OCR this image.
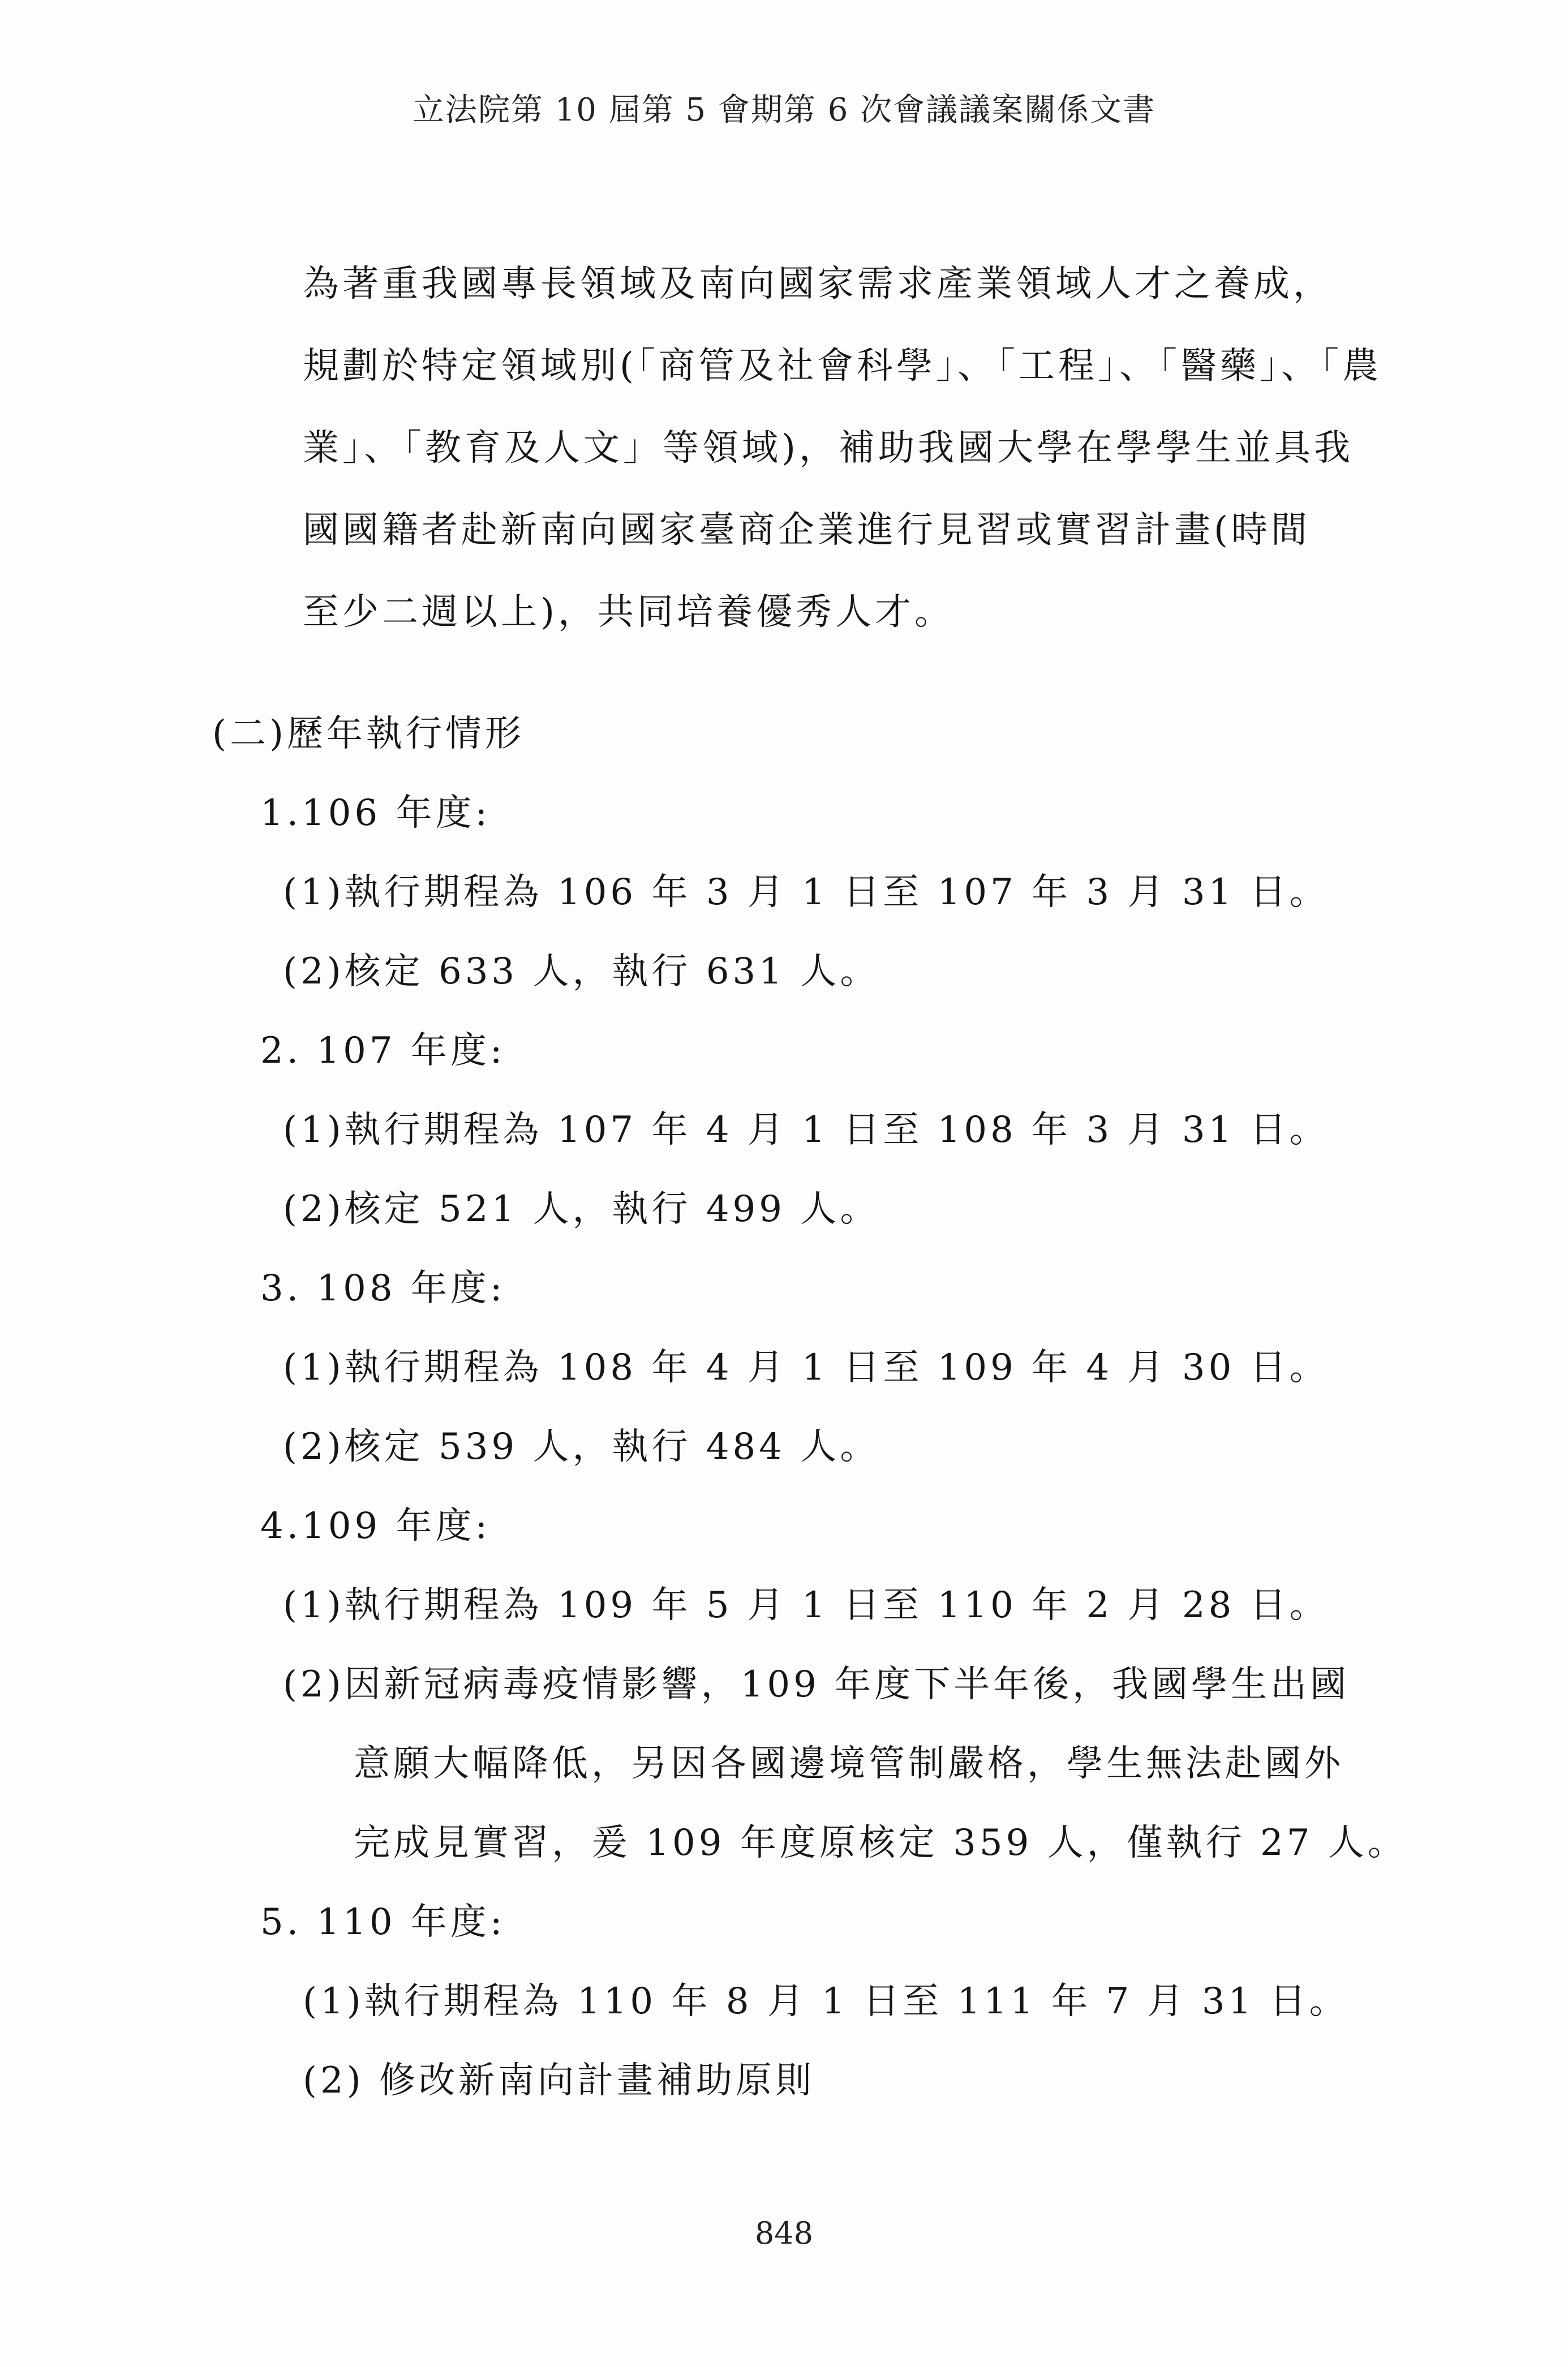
立法院第 10 屆第 5 會期第 6 次會議議案關係文書
為著重我國專長領域及南向國家需求產業領域人才之養成，
規劃於特定領域別(「商管及社會科學」、「工程」、「醫藥」、「農
業」、「教育及人文」等領域)，補助我國大學在學學生並具我
國國籍者赴新南向國家臺商企業進行見習或實習計畫(時間
至少二週以上)，共同培養優秀人才。
(二)歷年執行情形
1.106 年度:
(1)執行期程為 106 年 3 月 1 日至 107 年 3 月 31 日。
(2)核定 633 人，執行 631 人。
2. 107 年度:
(1)執行期程為 107 年 4 月 1 日至 108 年 3 月 31 日。
(2)核定 521 人，執行 499 人。
3. 108 年度:
(1)執行期程為 108 年 4 月 1 日至 109 年 4 月 30 日。
(2)核定 539 人，執行 484 人。
4.109 年度:
(1)執行期程為 109 年 5 月 1 日至 110 年 2 月 28 日。
(2)因新冠病毒疫情影響，109 年度下半年後，我國學生出國
意願大幅降低，另因各國邊境管制嚴格，學生無法赴國外
完成見實習，爰 109 年度原核定 359 人，僅執行 27 人。
5. 110 年度:
(1)執行期程為 110 年 8 月 1 日至 111 年 7 月 31 日。
(2) 修改新南向計畫補助原則
848
